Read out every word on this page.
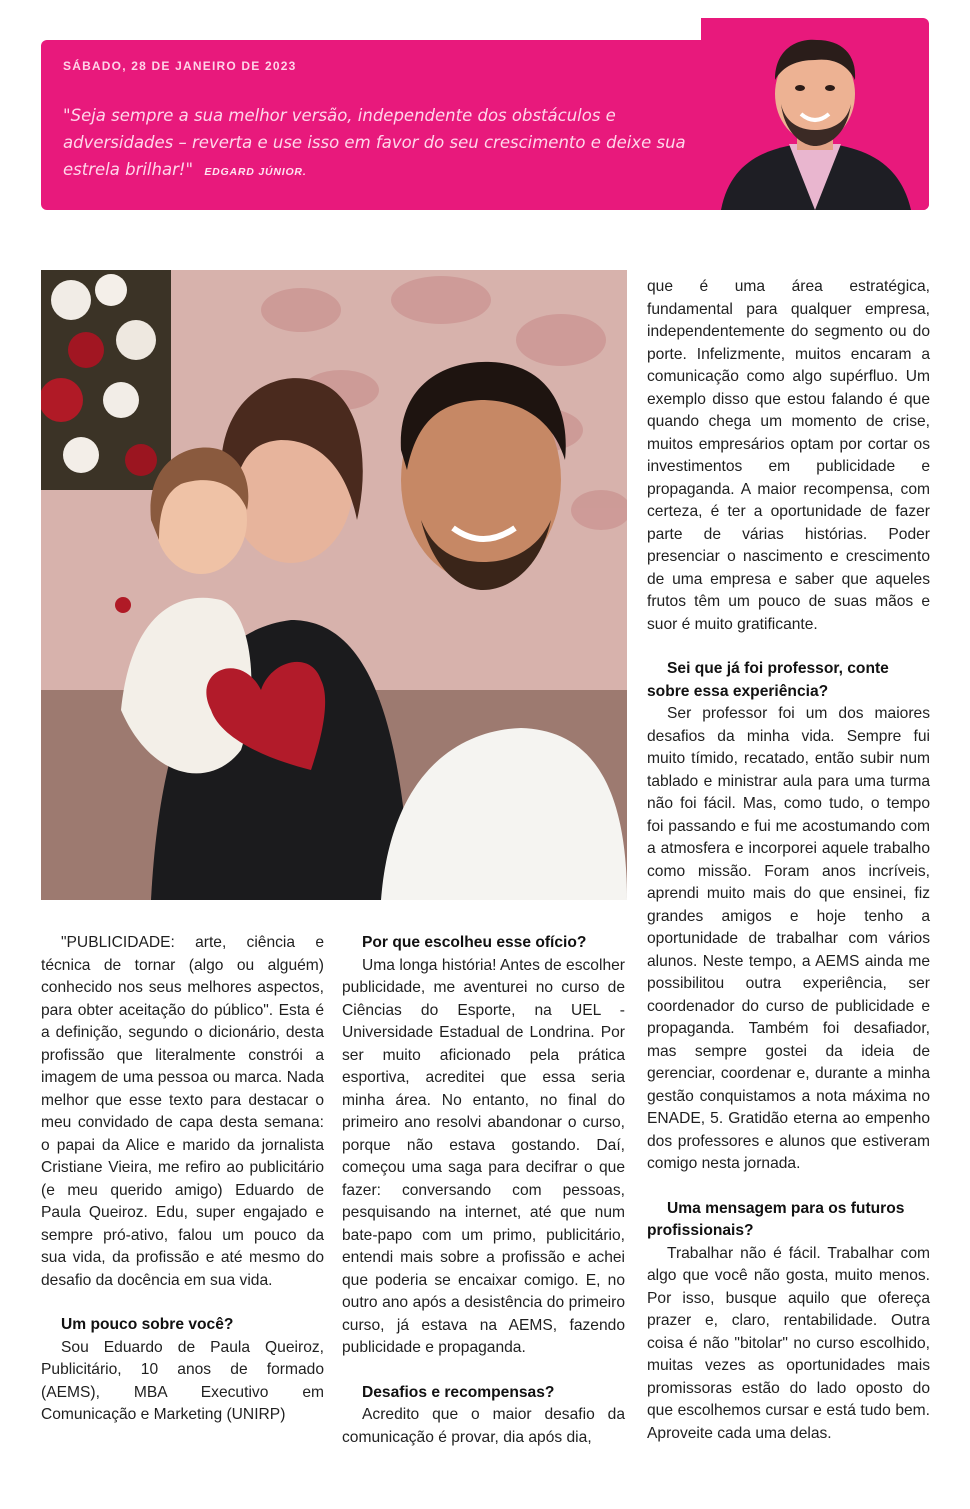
SÁBADO, 28 DE JANEIRO DE 2023
"Seja sempre a sua melhor versão, independente dos obstáculos e adversidades – reverta e use isso em favor do seu crescimento e deixe sua estrela brilhar!" EDGARD JÚNIOR.

"PUBLICIDADE: arte, ciência e técnica de tornar (algo ou alguém) conhecido nos seus melhores aspectos, para obter aceitação do público". Esta é a definição, segundo o dicionário, desta profissão que literalmente constrói a imagem de uma pessoa ou marca. Nada melhor que esse texto para destacar o meu convidado de capa desta semana: o papai da Alice e marido da jornalista Cristiane Vieira, me refiro ao publicitário (e meu querido amigo) Eduardo de Paula Queiroz. Edu, super engajado e sempre pró-ativo, falou um pouco da sua vida, da profissão e até mesmo do desafio da docência em sua vida.

Um pouco sobre você?

Sou Eduardo de Paula Queiroz, Publicitário, 10 anos de formado (AEMS), MBA Executivo em Comunicação e Marketing (UNIRP)

Por que escolheu esse ofício?

Uma longa história! Antes de escolher publicidade, me aventurei no curso de Ciências do Esporte, na UEL - Universidade Estadual de Londrina. Por ser muito aficionado pela prática esportiva, acreditei que essa seria minha área. No entanto, no final do primeiro ano resolvi abandonar o curso, porque não estava gostando. Daí, começou uma saga para decifrar o que fazer: conversando com pessoas, pesquisando na internet, até que num bate-papo com um primo, publicitário, entendi mais sobre a profissão e achei que poderia se encaixar comigo. E, no outro ano após a desistência do primeiro curso, já estava na AEMS, fazendo publicidade e propaganda.

Desafios e recompensas?

Acredito que o maior desafio da comunicação é provar, dia após dia,

que é uma área estratégica, fundamental para qualquer empresa, independentemente do segmento ou do porte. Infelizmente, muitos encaram a comunicação como algo supérfluo. Um exemplo disso que estou falando é que quando chega um momento de crise, muitos empresários optam por cortar os investimentos em publicidade e propaganda. A maior recompensa, com certeza, é ter a oportunidade de fazer parte de várias histórias. Poder presenciar o nascimento e crescimento de uma empresa e saber que aqueles frutos têm um pouco de suas mãos e suor é muito gratificante.

Sei que já foi professor, conte sobre essa experiência?

Ser professor foi um dos maiores desafios da minha vida. Sempre fui muito tímido, recatado, então subir num tablado e ministrar aula para uma turma não foi fácil. Mas, como tudo, o tempo foi passando e fui me acostumando com a atmosfera e incorporei aquele trabalho como missão. Foram anos incríveis, aprendi muito mais do que ensinei, fiz grandes amigos e hoje tenho a oportunidade de trabalhar com vários alunos. Neste tempo, a AEMS ainda me possibilitou outra experiência, ser coordenador do curso de publicidade e propaganda. Também foi desafiador, mas sempre gostei da ideia de gerenciar, coordenar e, durante a minha gestão conquistamos a nota máxima no ENADE, 5. Gratidão eterna ao empenho dos professores e alunos que estiveram comigo nesta jornada.

Uma mensagem para os futuros profissionais?

Trabalhar não é fácil. Trabalhar com algo que você não gosta, muito menos. Por isso, busque aquilo que ofereça prazer e, claro, rentabilidade. Outra coisa é não "bitolar" no curso escolhido, muitas vezes as oportunidades mais promissoras estão do lado oposto do que escolhemos cursar e está tudo bem. Aproveite cada uma delas.
